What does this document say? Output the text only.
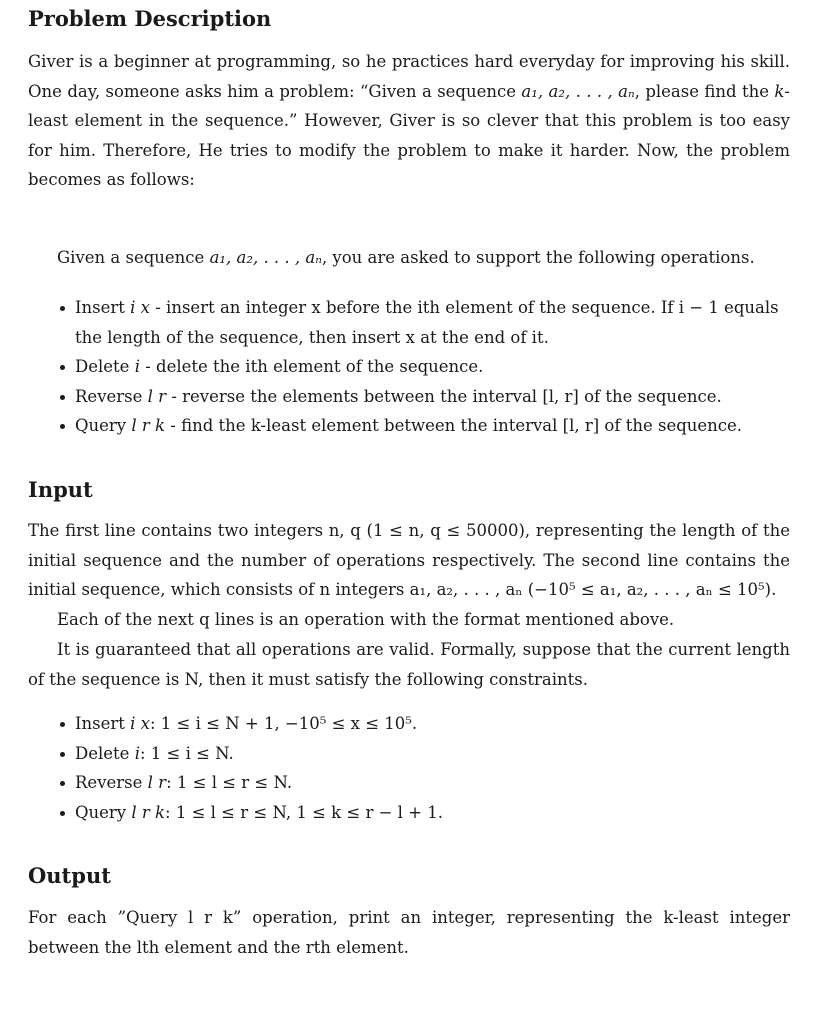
Problem Description

Giver is a beginner at programming, so he practices hard everyday for improving his skill. One day, someone asks him a problem: “Given a sequence a₁, a₂, . . . , aₙ, please find the k-least element in the sequence.” However, Giver is so clever that this problem is too easy for him. Therefore, He tries to modify the problem to make it harder. Now, the problem becomes as follows:

Given a sequence a₁, a₂, . . . , aₙ, you are asked to support the following operations.

Insert i x - insert an integer x before the ith element of the sequence. If i − 1 equals the length of the sequence, then insert x at the end of it.
Delete i - delete the ith element of the sequence.
Reverse l r - reverse the elements between the interval [l, r] of the sequence.
Query l r k - find the k-least element between the interval [l, r] of the sequence.
Input

The first line contains two integers n, q (1 ≤ n, q ≤ 50000), representing the length of the initial sequence and the number of operations respectively. The second line contains the initial sequence, which consists of n integers a₁, a₂, . . . , aₙ (−10⁵ ≤ a₁, a₂, . . . , aₙ ≤ 10⁵).

Each of the next q lines is an operation with the format mentioned above.

It is guaranteed that all operations are valid. Formally, suppose that the current length of the sequence is N, then it must satisfy the following constraints.

Insert i x: 1 ≤ i ≤ N + 1, −10⁵ ≤ x ≤ 10⁵.
Delete i: 1 ≤ i ≤ N.
Reverse l r: 1 ≤ l ≤ r ≤ N.
Query l r k: 1 ≤ l ≤ r ≤ N, 1 ≤ k ≤ r − l + 1.
Output

For each ”Query l r k” operation, print an integer, representing the k-least integer between the lth element and the rth element.
